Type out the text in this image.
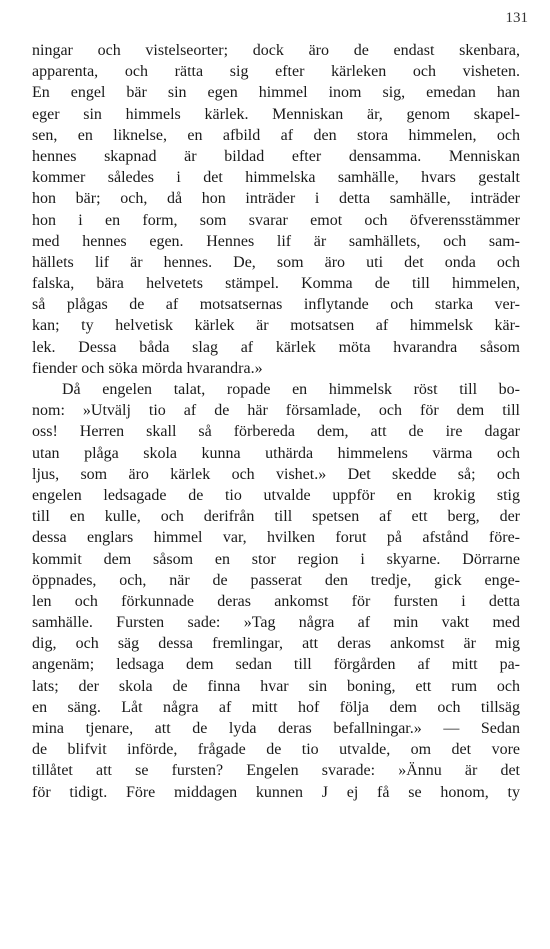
131
ningar och vistelseorter; dock äro de endast skenbara,
apparenta, och rätta sig efter kärleken och visheten.
En engel bär sin egen himmel inom sig, emedan han
eger sin himmels kärlek. Menniskan är, genom skapel-
sen, en liknelse, en afbild af den stora himmelen, och
hennes skapnad är bildad efter densamma. Menniskan
kommer således i det himmelska samhälle, hvars gestalt
hon bär; och, då hon inträder i detta samhälle, inträder
hon i en form, som svarar emot och öfverensstämmer
med hennes egen. Hennes lif är samhällets, och sam-
hällets lif är hennes. De, som äro uti det onda och
falska, bära helvetets stämpel. Komma de till himmelen,
så plågas de af motsatsernas inflytande och starka ver-
kan; ty helvetisk kärlek är motsatsen af himmelsk kär-
lek. Dessa båda slag af kärlek möta hvarandra såsom
fiender och söka mörda hvarandra.»
Då engelen talat, ropade en himmelsk röst till bo-
nom: »Utvälj tio af de här församlade, och för dem till
oss! Herren skall så förbereda dem, att de ire dagar
utan plåga skola kunna uthärda himmelens värma och
ljus, som äro kärlek och vishet.» Det skedde så; och
engelen ledsagade de tio utvalde uppför en krokig stig
till en kulle, och derifrån till spetsen af ett berg, der
dessa englars himmel var, hvilken forut på afstånd före-
kommit dem såsom en stor region i skyarne. Dörrarne
öppnades, och, när de passerat den tredje, gick enge-
len och förkunnade deras ankomst för fursten i detta
samhälle. Fursten sade: »Tag några af min vakt med
dig, och säg dessa fremlingar, att deras ankomst är mig
angenäm; ledsaga dem sedan till förgården af mitt pa-
lats; der skola de finna hvar sin boning, ett rum och
en säng. Låt några af mitt hof följa dem och tillsäg
mina tjenare, att de lyda deras befallningar.» — Sedan
de blifvit införde, frågade de tio utvalde, om det vore
tillåtet att se fursten? Engelen svarade: »Ännu är det
för tidigt. Före middagen kunnen J ej få se honom, ty
